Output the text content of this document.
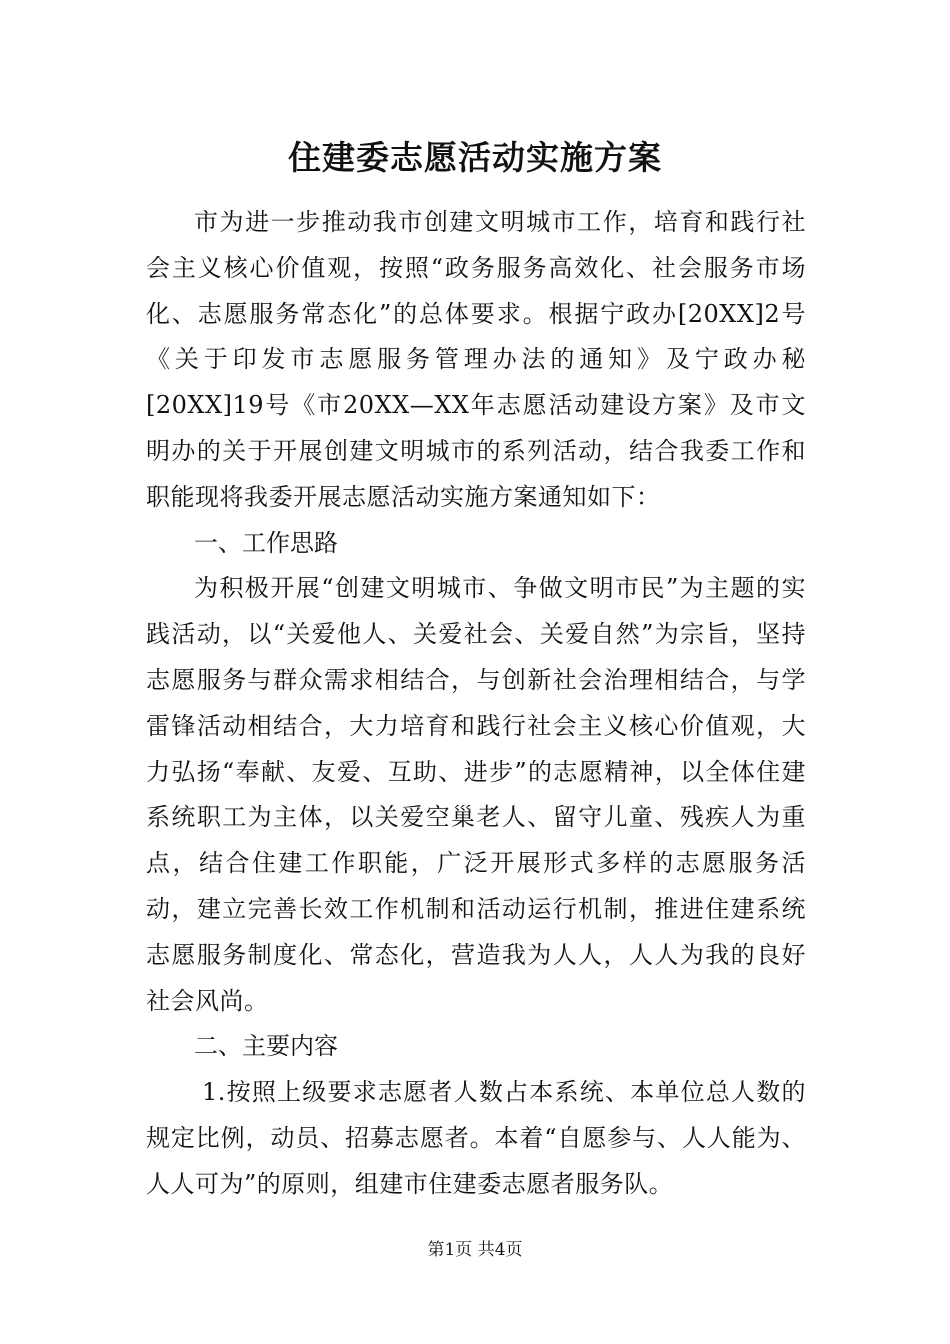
住建委志愿活动实施方案

市为进一步推动我市创建文明城市工作，培育和践行社会主义核心价值观，按照“政务服务高效化、社会服务市场化、志愿服务常态化”的总体要求。根据宁政办[20XX]2号《关于印发市志愿服务管理办法的通知》及宁政办秘[20XX]19号《市20XX—XX年志愿活动建设方案》及市文明办的关于开展创建文明城市的系列活动，结合我委工作和职能现将我委开展志愿活动实施方案通知如下：

一、工作思路

为积极开展“创建文明城市、争做文明市民”为主题的实践活动，以“关爱他人、关爱社会、关爱自然”为宗旨，坚持志愿服务与群众需求相结合，与创新社会治理相结合，与学雷锋活动相结合，大力培育和践行社会主义核心价值观，大力弘扬“奉献、友爱、互助、进步”的志愿精神，以全体住建系统职工为主体，以关爱空巢老人、留守儿童、残疾人为重点，结合住建工作职能，广泛开展形式多样的志愿服务活动，建立完善长效工作机制和活动运行机制，推进住建系统志愿服务制度化、常态化，营造我为人人，人人为我的良好社会风尚。

二、主要内容

1.按照上级要求志愿者人数占本系统、本单位总人数的规定比例，动员、招募志愿者。本着“自愿参与、人人能为、人人可为”的原则，组建市住建委志愿者服务队。

第1页 共4页
